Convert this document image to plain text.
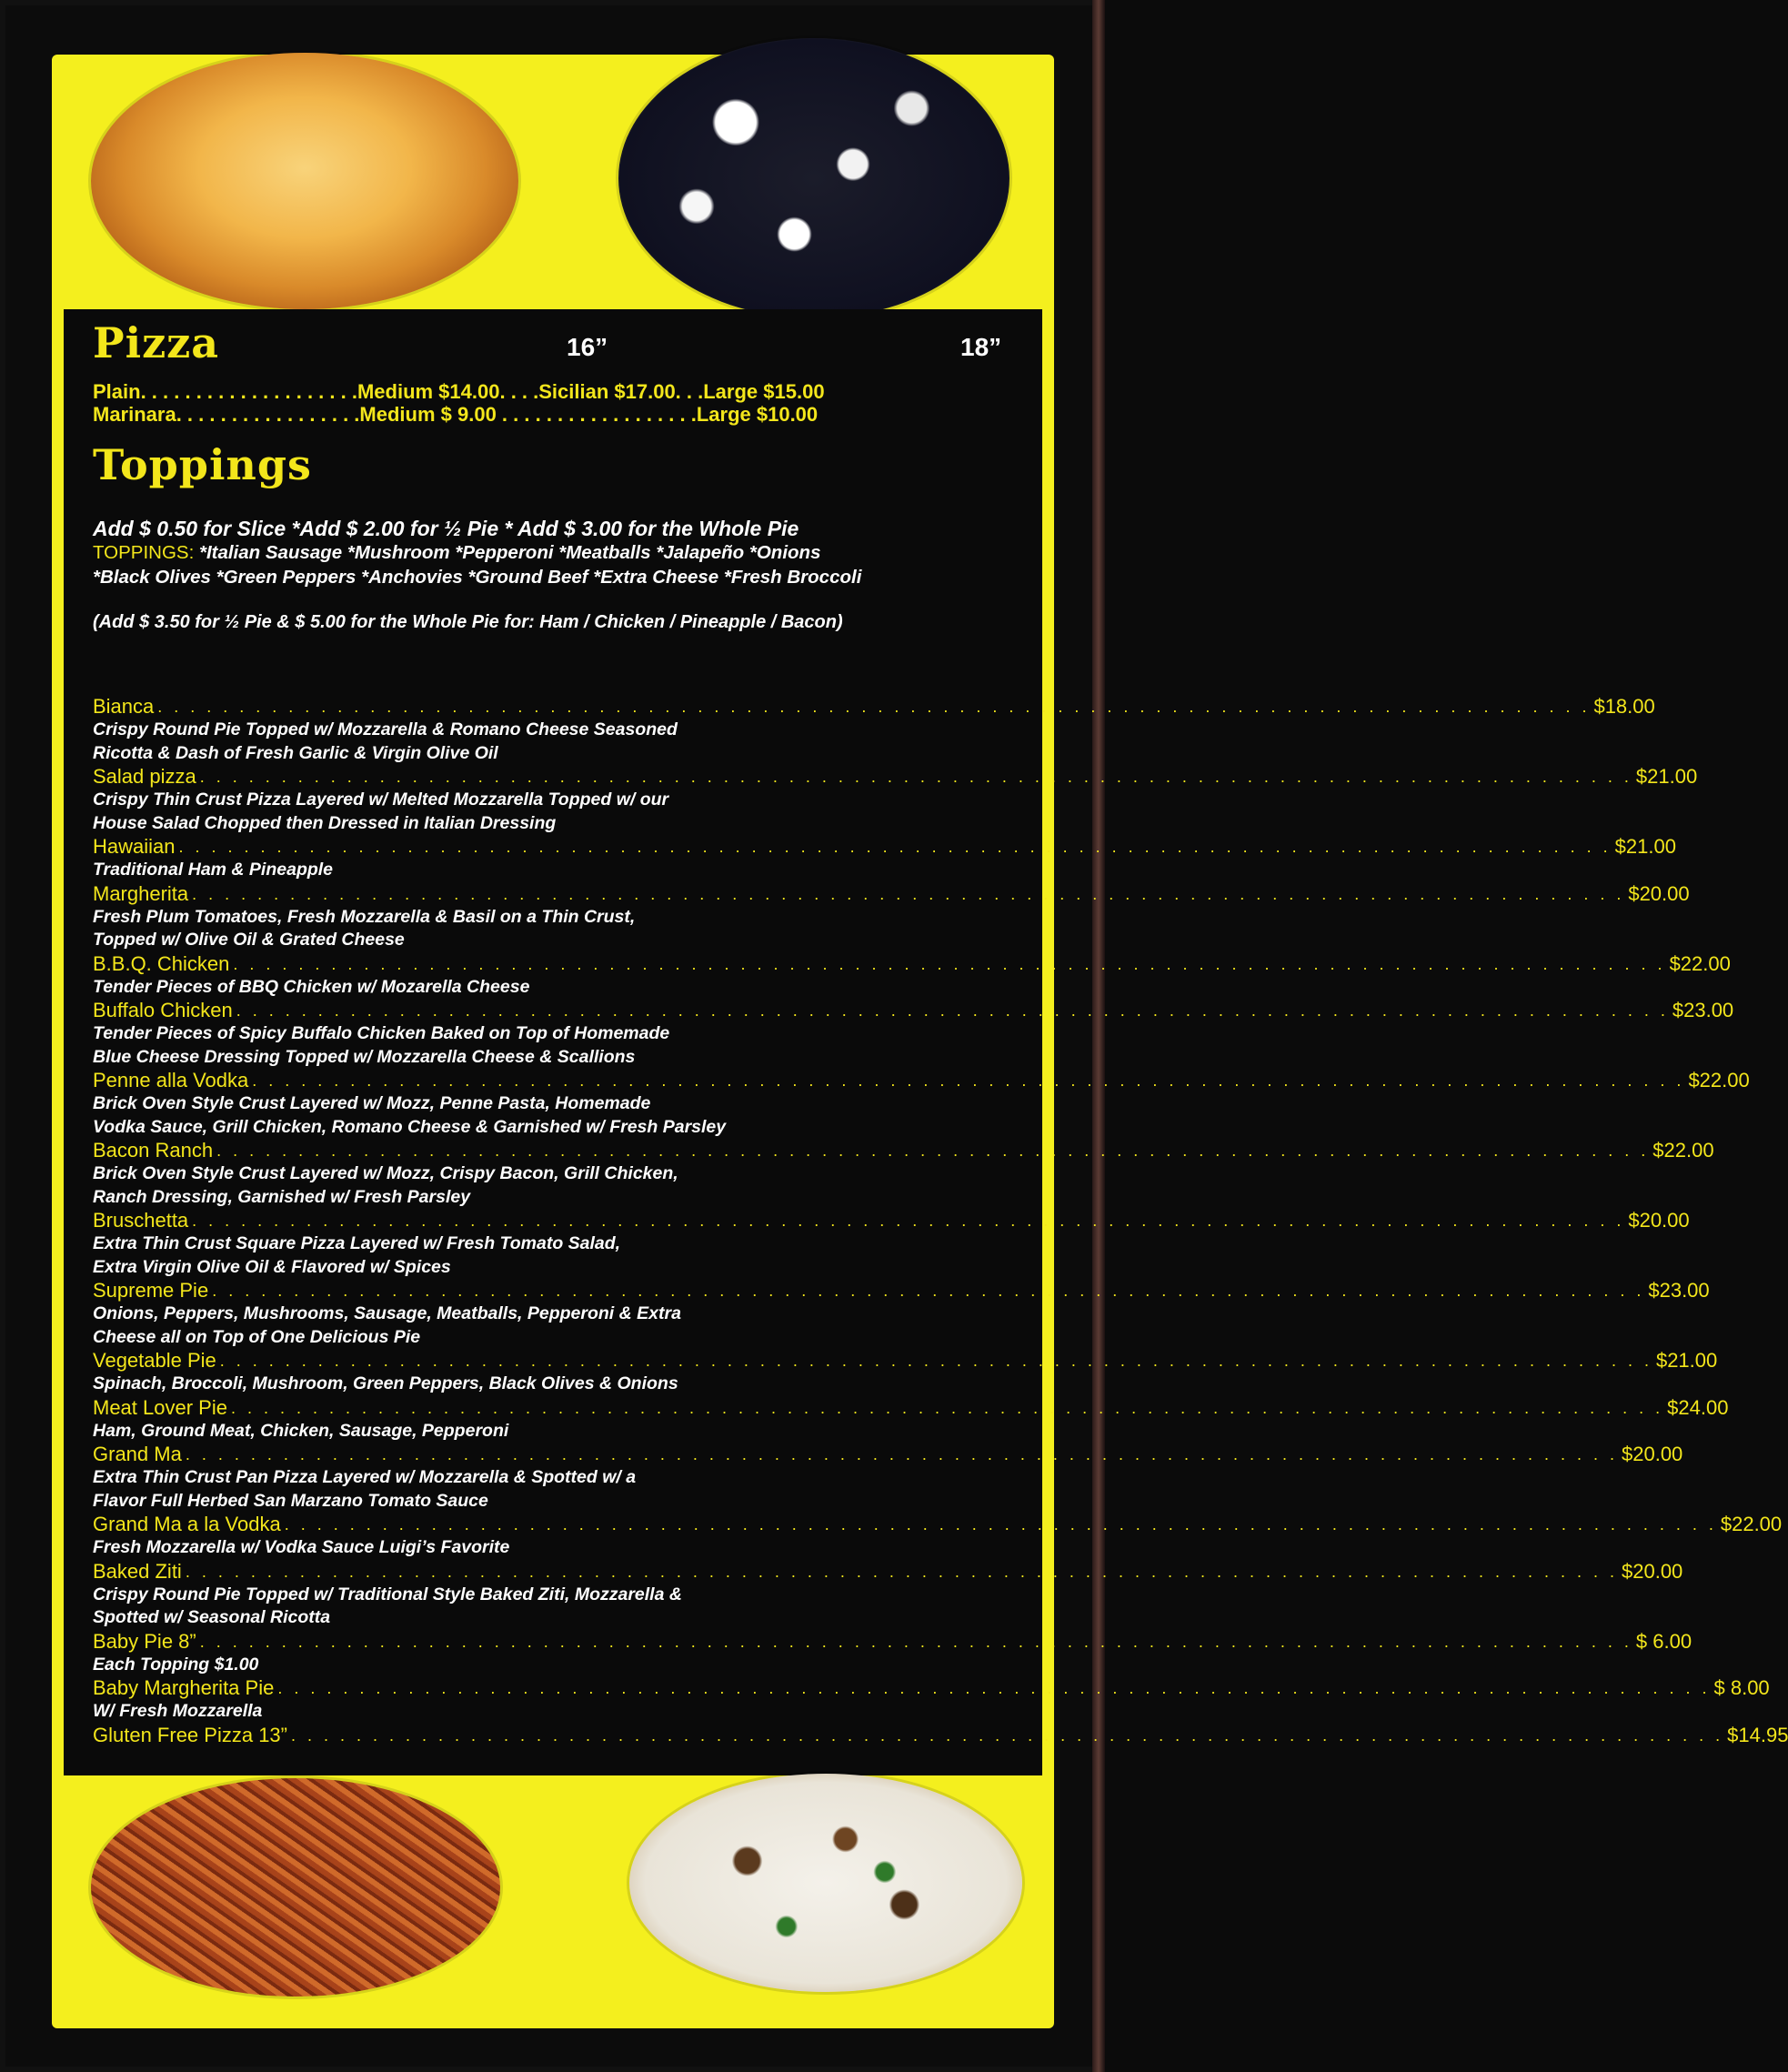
Pizza	16”	18”
Plain. . . . . . . . . . . . . . . . . . . .Medium $14.00. . . .Sicilian $17.00. . .Large $15.00
Marinara. . . . . . . . . . . . . . . . .Medium $ 9.00 . . . . . . . . . . . . . . . . . .Large $10.00
Toppings
Add $ 0.50 for Slice *Add $ 2.00 for ½ Pie * Add $ 3.00 for the Whole Pie
TOPPINGS: *Italian Sausage *Mushroom *Pepperoni *Meatballs *Jalapeño *Onions
*Black Olives *Green Peppers *Anchovies *Ground Beef *Extra Cheese *Fresh Broccoli
(Add $ 3.50 for ½ Pie & $ 5.00 for the Whole Pie for: Ham / Chicken / Pineapple / Bacon)
Bianca . . . . . . . . . . . . . . . . . . . . . . . . . . . . . . . . . . . . . . . . . . . . . . . . . . . . . . . . . . . . . . . . . . . . . . . . . . . . . . . . . . . . . . . . $18.00
Crispy Round Pie Topped w/ Mozzarella & Romano Cheese Seasoned
Ricotta & Dash of Fresh Garlic & Virgin Olive Oil
Salad pizza . . . . . . . . . . . . . . . . . . . . . . . . . . . . . . . . . . . . . . . . . . . . . . . . . . . . . . . . . . . . . . . . . . . . . . . . . . . . . . . . . . . . . . . . $21.00
Crispy Thin Crust Pizza Layered w/ Melted Mozzarella Topped w/ our
House Salad Chopped then Dressed in Italian Dressing
Hawaiian . . . . . . . . . . . . . . . . . . . . . . . . . . . . . . . . . . . . . . . . . . . . . . . . . . . . . . . . . . . . . . . . . . . . . . . . . . . . . . . . . . . . . . . . $21.00
Traditional Ham & Pineapple
Margherita . . . . . . . . . . . . . . . . . . . . . . . . . . . . . . . . . . . . . . . . . . . . . . . . . . . . . . . . . . . . . . . . . . . . . . . . . . . . . . . . . . . . . . . . $20.00
Fresh Plum Tomatoes, Fresh Mozzarella & Basil on a Thin Crust,
Topped w/ Olive Oil & Grated Cheese
B.B.Q. Chicken . . . . . . . . . . . . . . . . . . . . . . . . . . . . . . . . . . . . . . . . . . . . . . . . . . . . . . . . . . . . . . . . . . . . . . . . . . . . . . . . . . . . . . . . $22.00
Tender Pieces of BBQ Chicken w/ Mozarella Cheese
Buffalo Chicken . . . . . . . . . . . . . . . . . . . . . . . . . . . . . . . . . . . . . . . . . . . . . . . . . . . . . . . . . . . . . . . . . . . . . . . . . . . . . . . . . . . . . . . . $23.00
Tender Pieces of Spicy Buffalo Chicken Baked on Top of Homemade
Blue Cheese Dressing Topped w/ Mozzarella Cheese & Scallions
Penne alla Vodka . . . . . . . . . . . . . . . . . . . . . . . . . . . . . . . . . . . . . . . . . . . . . . . . . . . . . . . . . . . . . . . . . . . . . . . . . . . . . . . . . . . . . . . . $22.00
Brick Oven Style Crust Layered w/ Mozz, Penne Pasta, Homemade
Vodka Sauce, Grill Chicken, Romano Cheese & Garnished w/ Fresh Parsley
Bacon Ranch . . . . . . . . . . . . . . . . . . . . . . . . . . . . . . . . . . . . . . . . . . . . . . . . . . . . . . . . . . . . . . . . . . . . . . . . . . . . . . . . . . . . . . . . $22.00
Brick Oven Style Crust Layered w/ Mozz, Crispy Bacon, Grill Chicken,
Ranch Dressing, Garnished w/ Fresh Parsley
Bruschetta . . . . . . . . . . . . . . . . . . . . . . . . . . . . . . . . . . . . . . . . . . . . . . . . . . . . . . . . . . . . . . . . . . . . . . . . . . . . . . . . . . . . . . . . $20.00
Extra Thin Crust Square Pizza Layered w/ Fresh Tomato Salad,
Extra Virgin Olive Oil & Flavored w/ Spices
Supreme Pie . . . . . . . . . . . . . . . . . . . . . . . . . . . . . . . . . . . . . . . . . . . . . . . . . . . . . . . . . . . . . . . . . . . . . . . . . . . . . . . . . . . . . . . . $23.00
Onions, Peppers, Mushrooms, Sausage, Meatballs, Pepperoni & Extra
Cheese all on Top of One Delicious Pie
Vegetable Pie . . . . . . . . . . . . . . . . . . . . . . . . . . . . . . . . . . . . . . . . . . . . . . . . . . . . . . . . . . . . . . . . . . . . . . . . . . . . . . . . . . . . . . . . $21.00
Spinach, Broccoli, Mushroom, Green Peppers, Black Olives & Onions
Meat Lover Pie . . . . . . . . . . . . . . . . . . . . . . . . . . . . . . . . . . . . . . . . . . . . . . . . . . . . . . . . . . . . . . . . . . . . . . . . . . . . . . . . . . . . . . . . $24.00
Ham, Ground Meat, Chicken, Sausage, Pepperoni
Grand Ma . . . . . . . . . . . . . . . . . . . . . . . . . . . . . . . . . . . . . . . . . . . . . . . . . . . . . . . . . . . . . . . . . . . . . . . . . . . . . . . . . . . . . . . . $20.00
Extra Thin Crust Pan Pizza Layered w/ Mozzarella & Spotted w/ a
Flavor Full Herbed San Marzano Tomato Sauce
Grand Ma a la Vodka . . . . . . . . . . . . . . . . . . . . . . . . . . . . . . . . . . . . . . . . . . . . . . . . . . . . . . . . . . . . . . . . . . . . . . . . . . . . . . . . . . . . . . . . $22.00
Fresh Mozzarella w/ Vodka Sauce Luigi’s Favorite
Baked Ziti . . . . . . . . . . . . . . . . . . . . . . . . . . . . . . . . . . . . . . . . . . . . . . . . . . . . . . . . . . . . . . . . . . . . . . . . . . . . . . . . . . . . . . . . $20.00
Crispy Round Pie Topped w/ Traditional Style Baked Ziti, Mozzarella &
Spotted w/ Seasonal Ricotta
Baby Pie 8” . . . . . . . . . . . . . . . . . . . . . . . . . . . . . . . . . . . . . . . . . . . . . . . . . . . . . . . . . . . . . . . . . . . . . . . . . . . . . . . . . . . . . . . . $ 6.00
Each Topping $1.00
Baby Margherita Pie . . . . . . . . . . . . . . . . . . . . . . . . . . . . . . . . . . . . . . . . . . . . . . . . . . . . . . . . . . . . . . . . . . . . . . . . . . . . . . . . . . . . . . . . $ 8.00
W/ Fresh Mozzarella
Gluten Free Pizza 13” . . . . . . . . . . . . . . . . . . . . . . . . . . . . . . . . . . . . . . . . . . . . . . . . . . . . . . . . . . . . . . . . . . . . . . . . . . . . . . . . . . . . . . . . $14.95
